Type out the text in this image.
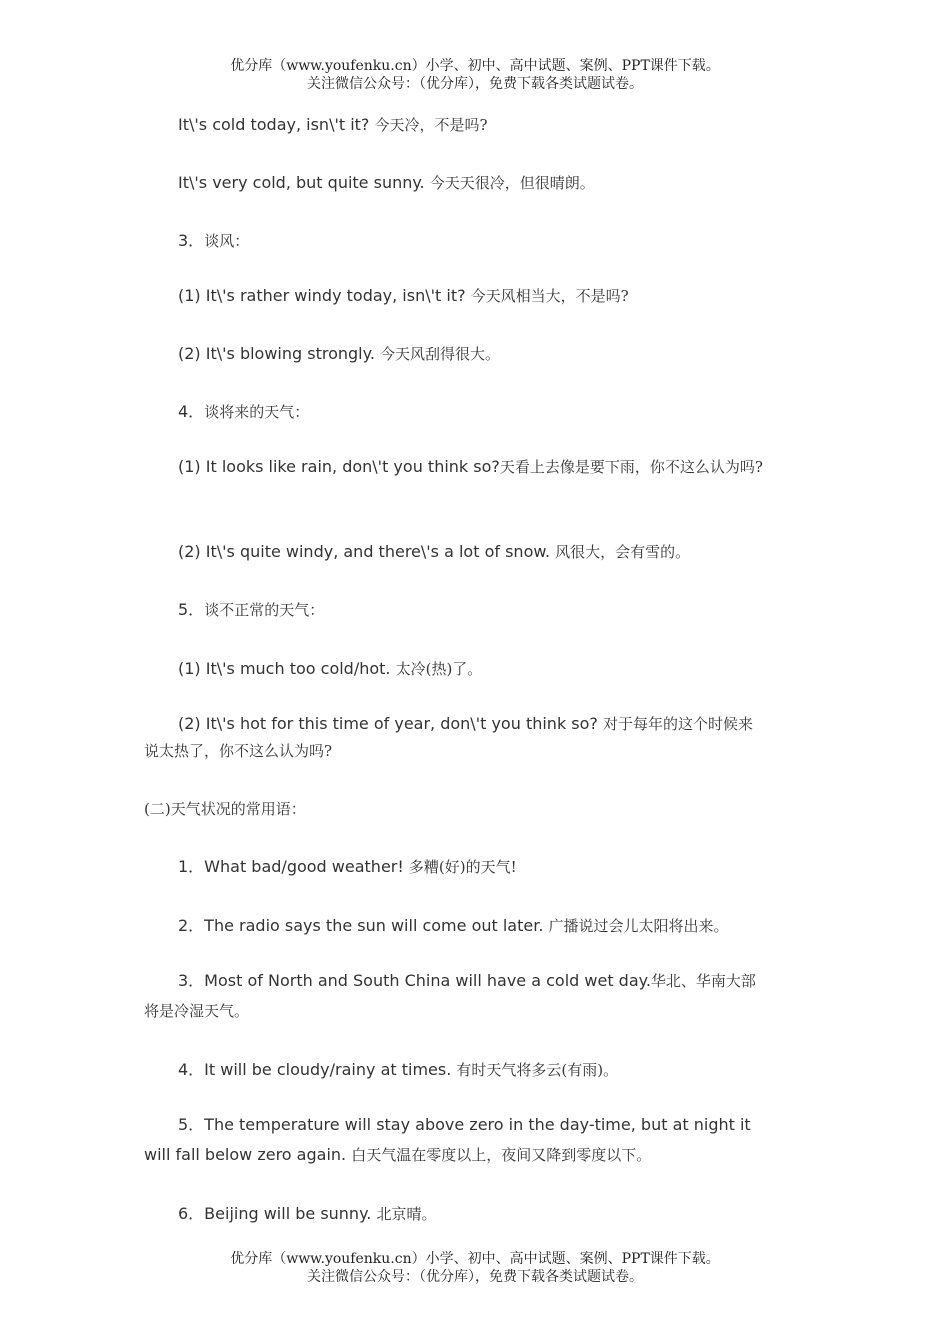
优分库（www.youfenku.cn）小学、初中、高中试题、案例、PPT课件下载。
关注微信公众号：（优分库），免费下载各类试题试卷。
It\'s cold today, isn\'t it? 今天冷，不是吗?
It\'s very cold, but quite sunny. 今天天很冷，但很晴朗。
3．谈风：
(1) It\'s rather windy today, isn\'t it? 今天风相当大，不是吗?
(2) It\'s blowing strongly. 今天风刮得很大。
4．谈将来的天气：
(1) It looks like rain, don\'t you think so?天看上去像是要下雨，你不这么认为吗?
(2) It\'s quite windy, and there\'s a lot of snow. 风很大，会有雪的。
5．谈不正常的天气：
(1) It\'s much too cold/hot. 太冷(热)了。
(2) It\'s hot for this time of year, don\'t you think so? 对于每年的这个时候来
说太热了，你不这么认为吗?
(二)天气状况的常用语：
1．What bad/good weather! 多糟(好)的天气!
2．The radio says the sun will come out later. 广播说过会儿太阳将出来。
3．Most of North and South China will have a cold wet day.华北、华南大部
将是冷湿天气。
4．It will be cloudy/rainy at times. 有时天气将多云(有雨)。
5．The temperature will stay above zero in the day-time, but at night it
will fall below zero again. 白天气温在零度以上，夜间又降到零度以下。
6．Beijing will be sunny. 北京晴。
优分库（www.youfenku.cn）小学、初中、高中试题、案例、PPT课件下载。
关注微信公众号：（优分库），免费下载各类试题试卷。
